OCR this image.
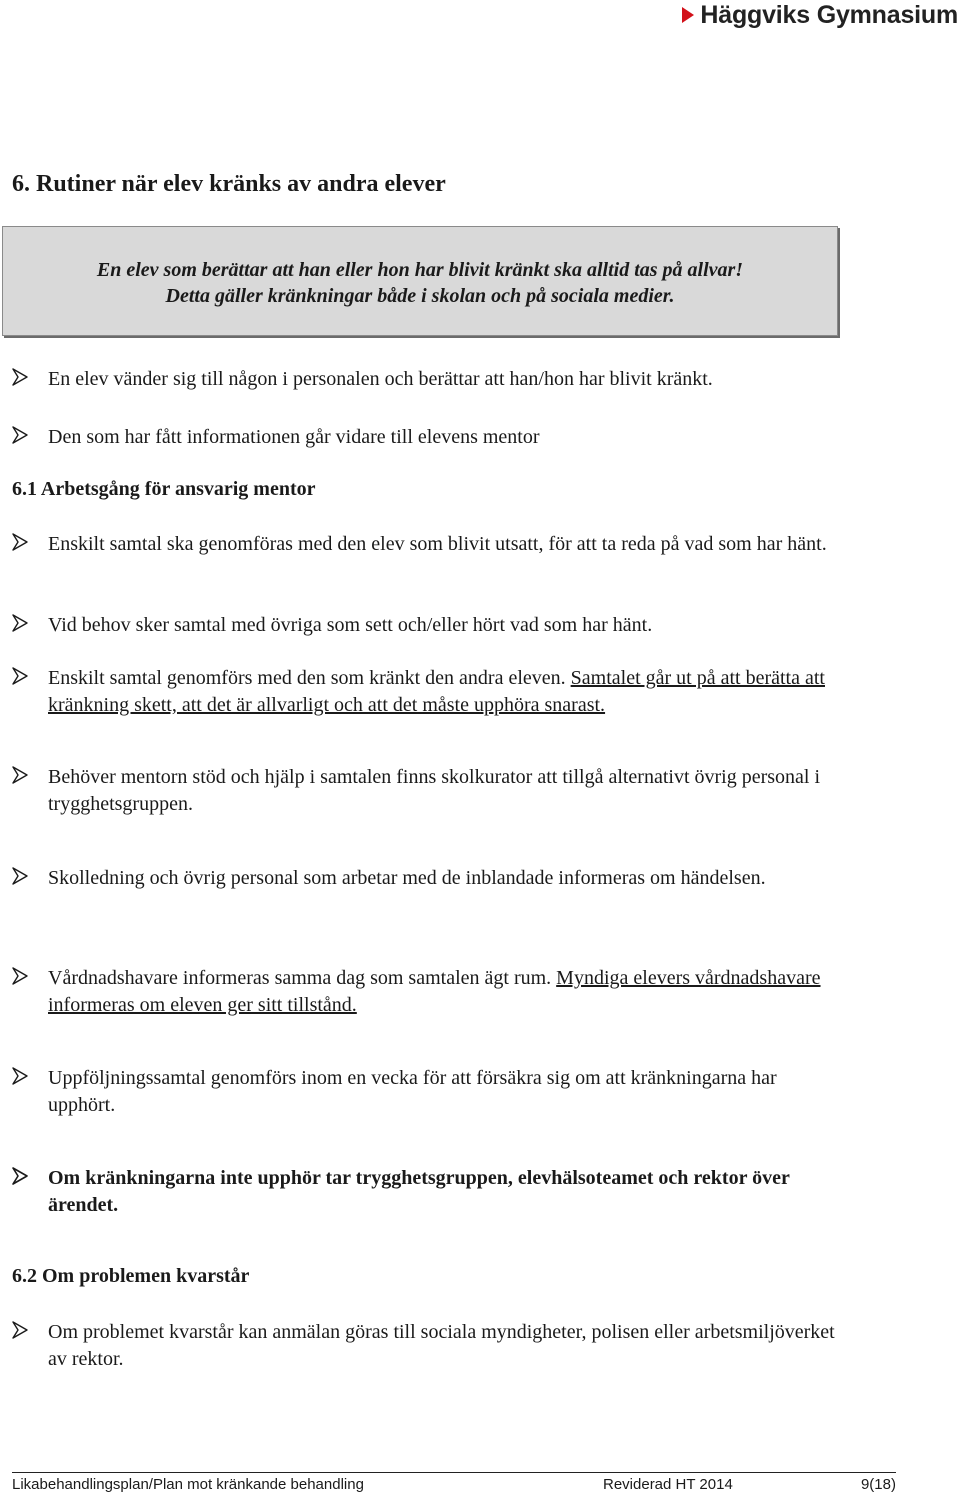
Häggviks Gymnasium
6. Rutiner när elev kränks av andra elever
En elev som berättar att han eller hon har blivit kränkt ska alltid tas på allvar!
Detta gäller kränkningar både i skolan och på sociala medier.
En elev vänder sig till någon i personalen och berättar att han/hon har blivit kränkt.
Den som har fått informationen går vidare till elevens mentor
6.1 Arbetsgång för ansvarig mentor
Enskilt samtal ska genomföras med den elev som blivit utsatt, för att ta reda på vad som har hänt.
Vid behov sker samtal med övriga som sett och/eller hört vad som har hänt.
Enskilt samtal genomförs med den som kränkt den andra eleven. Samtalet går ut på att berätta att kränkning skett, att det är allvarligt och att det måste upphöra snarast.
Behöver mentorn stöd och hjälp i samtalen finns skolkurator att tillgå alternativt övrig personal i trygghetsgruppen.
Skolledning och övrig personal som arbetar med de inblandade informeras om händelsen.
Vårdnadshavare informeras samma dag som samtalen ägt rum. Myndiga elevers vårdnadshavare informeras om eleven ger sitt tillstånd.
Uppföljningssamtal genomförs inom en vecka för att försäkra sig om att kränkningarna har upphört.
Om kränkningarna inte upphör tar trygghetsgruppen, elevhälsoteamet och rektor över ärendet.
6.2 Om problemen kvarstår
Om problemet kvarstår kan anmälan göras till sociala myndigheter, polisen eller arbetsmiljöverket av rektor.
Likabehandlingsplan/Plan mot kränkande behandling	Reviderad HT 2014	9(18)
